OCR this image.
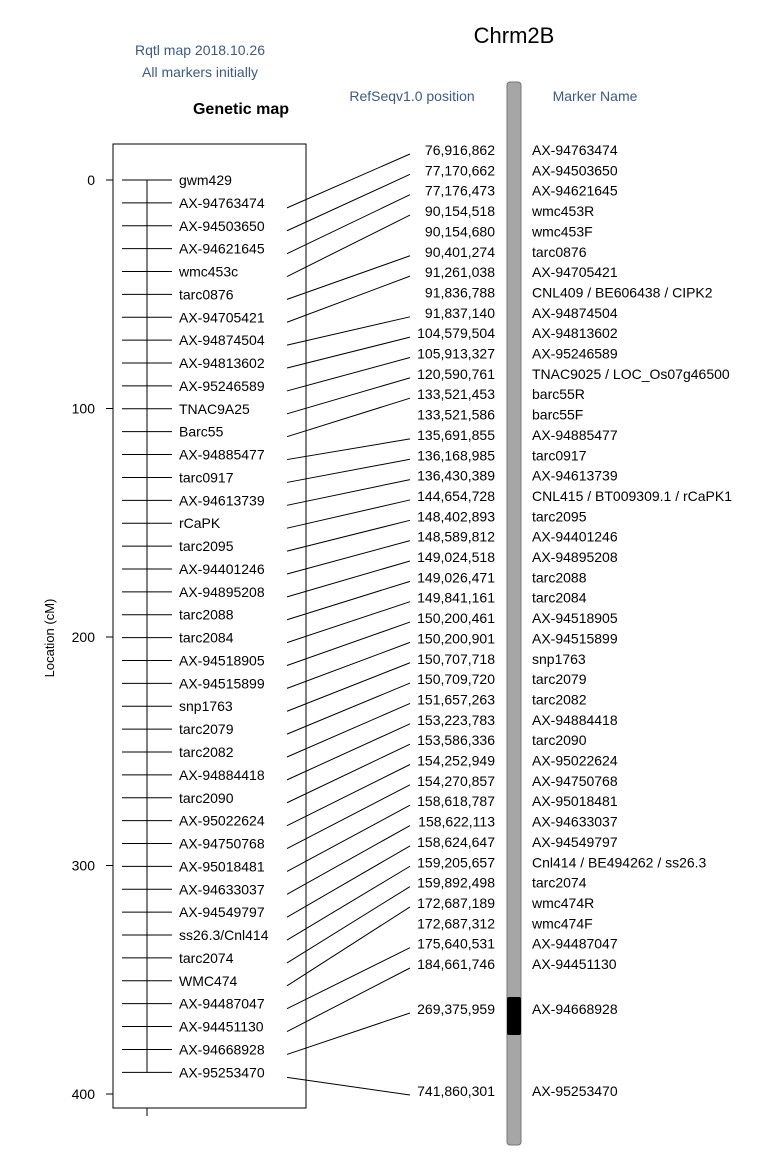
Rqtl map 2018.10.26
All markers initially
Chrm2B
Genetic map
RefSeqv1.0 position	Marker Name
0
100
200
300
400
Location (cM)
gwm429
AX-94763474
AX-94503650
AX-94621645
wmc453c
tarc0876
AX-94705421
AX-94874504
AX-94813602
AX-95246589
TNAC9A25
Barc55
AX-94885477
tarc0917
AX-94613739
rCaPK
tarc2095
AX-94401246
AX-94895208
tarc2088
tarc2084
AX-94518905
AX-94515899
snp1763
tarc2079
tarc2082
AX-94884418
tarc2090
AX-95022624
AX-94750768
AX-95018481
AX-94633037
AX-94549797
ss26.3/Cnl414
tarc2074
WMC474
AX-94487047
AX-94451130
AX-94668928
AX-95253470
76,916,862
77,170,662
77,176,473
90,154,518
90,154,680
90,401,274
91,261,038
91,836,788
91,837,140
104,579,504
105,913,327
120,590,761
133,521,453
133,521,586
135,691,855
136,168,985
136,430,389
144,654,728
148,402,893
148,589,812
149,024,518
149,026,471
149,841,161
150,200,461
150,200,901
150,707,718
150,709,720
151,657,263
153,223,783
153,586,336
154,252,949
154,270,857
158,618,787
158,622,113
158,624,647
159,205,657
159,892,498
172,687,189
172,687,312
175,640,531
184,661,746
269,375,959
741,860,301
AX-94763474
AX-94503650
AX-94621645
wmc453R
wmc453F
tarc0876
AX-94705421
CNL409 / BE606438 / CIPK2
AX-94874504
AX-94813602
AX-95246589
TNAC9025 / LOC_Os07g46500
barc55R
barc55F
AX-94885477
tarc0917
AX-94613739
CNL415 / BT009309.1 / rCaPK1
tarc2095
AX-94401246
AX-94895208
tarc2088
tarc2084
AX-94518905
AX-94515899
snp1763
tarc2079
tarc2082
AX-94884418
tarc2090
AX-95022624
AX-94750768
AX-95018481
AX-94633037
AX-94549797
Cnl414 / BE494262 / ss26.3
tarc2074
wmc474R
wmc474F
AX-94487047
AX-94451130
AX-94668928
AX-95253470
